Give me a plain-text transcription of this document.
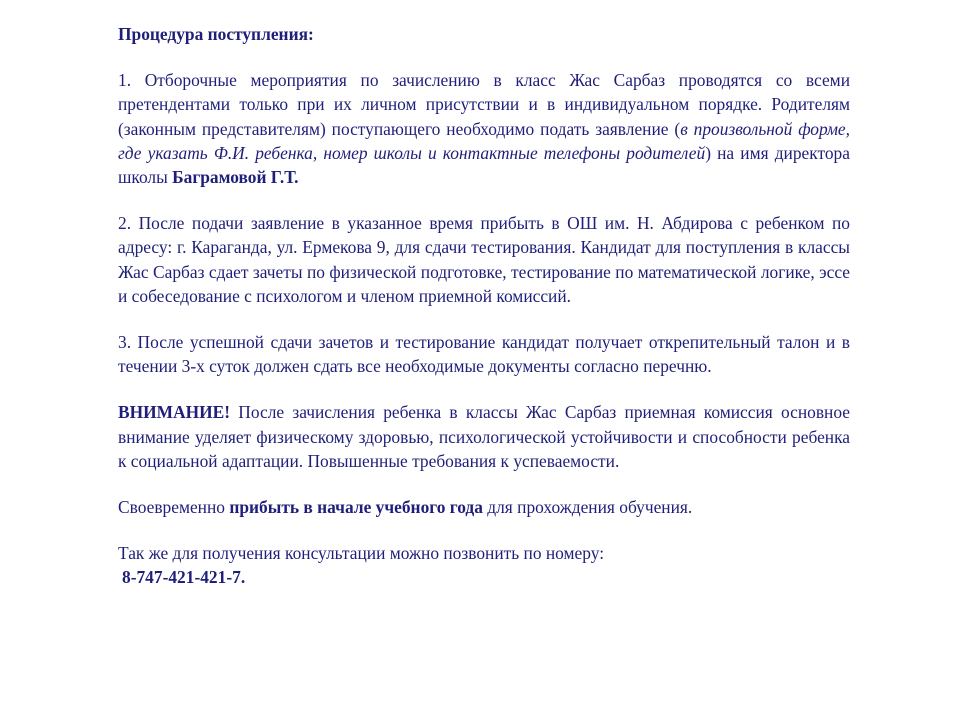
Процедура поступления:

1. Отборочные мероприятия по зачислению в класс Жас Сарбаз проводятся со всеми претендентами только при их личном присутствии и в индивидуальном порядке. Родителям (законным представителям) поступающего необходимо подать заявление (в произвольной форме, где указать Ф.И. ребенка, номер школы и контактные телефоны родителей) на имя директора школы Баграмовой Г.Т.

2. После подачи заявление в указанное время прибыть в ОШ им. Н. Абдирова с ребенком по адресу: г. Караганда, ул. Ермекова 9, для сдачи тестирования. Кандидат для поступления в классы Жас Сарбаз сдает зачеты по физической подготовке, тестирование по математической логике, эссе и собеседование с психологом и членом приемной комиссий.

3. После успешной сдачи зачетов и тестирование кандидат получает открепительный талон и в течении 3-х суток должен сдать все необходимые документы согласно перечню.

ВНИМАНИЕ! После зачисления ребенка в классы Жас Сарбаз приемная комиссия основное внимание уделяет физическому здоровью, психологической устойчивости и способности ребенка к социальной адаптации. Повышенные требования к успеваемости.

Своевременно прибыть в начале учебного года для прохождения обучения.

Так же для получения консультации можно позвонить по номеру:

8-747-421-421-7.
